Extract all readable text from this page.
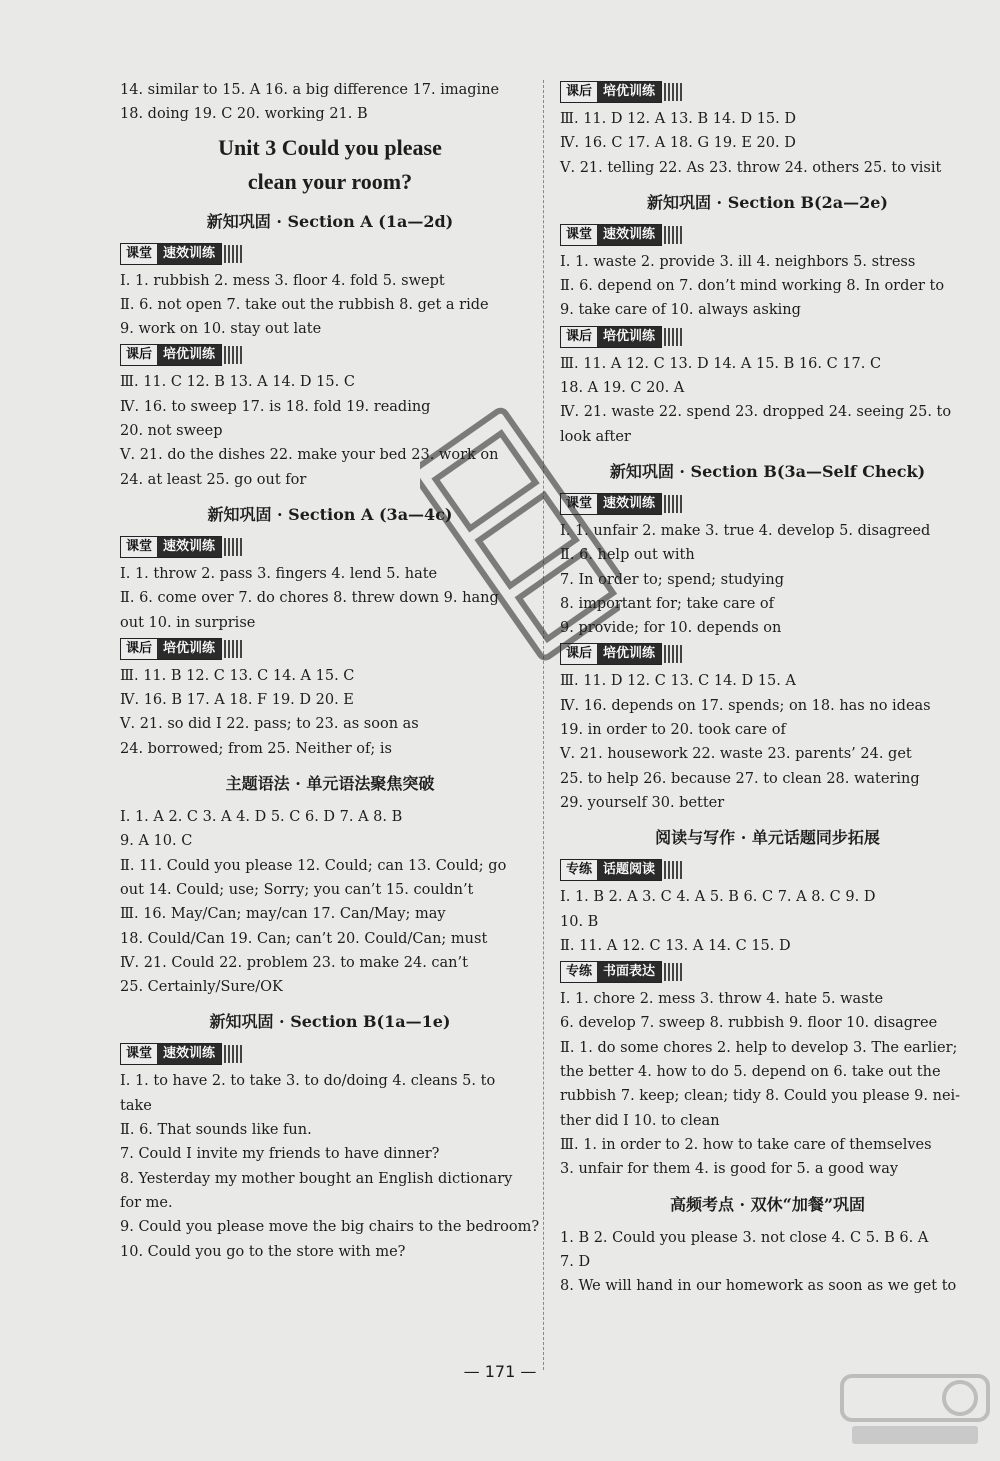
14. similar to 15. A 16. a big difference 17. imagine
18. doing 19. C 20. working 21. B
Unit 3 Could you please
clean your room?
新知巩固 · Section A (1a—2d)
课堂 速效训练
Ⅰ. 1. rubbish 2. mess 3. floor 4. fold 5. swept
Ⅱ. 6. not open 7. take out the rubbish 8. get a ride
9. work on 10. stay out late
课后 培优训练
Ⅲ. 11. C 12. B 13. A 14. D 15. C
Ⅳ. 16. to sweep 17. is 18. fold 19. reading
20. not sweep
Ⅴ. 21. do the dishes 22. make your bed 23. work on
24. at least 25. go out for
新知巩固 · Section A (3a—4c)
课堂 速效训练
Ⅰ. 1. throw 2. pass 3. fingers 4. lend 5. hate
Ⅱ. 6. come over 7. do chores 8. threw down 9. hang
out 10. in surprise
课后 培优训练
Ⅲ. 11. B 12. C 13. C 14. A 15. C
Ⅳ. 16. B 17. A 18. F 19. D 20. E
Ⅴ. 21. so did I 22. pass; to 23. as soon as
24. borrowed; from 25. Neither of; is
主题语法 · 单元语法聚焦突破
Ⅰ. 1. A 2. C 3. A 4. D 5. C 6. D 7. A 8. B
9. A 10. C
Ⅱ. 11. Could you please 12. Could; can 13. Could; go
out 14. Could; use; Sorry; you can’t 15. couldn’t
Ⅲ. 16. May/Can; may/can 17. Can/May; may
18. Could/Can 19. Can; can’t 20. Could/Can; must
Ⅳ. 21. Could 22. problem 23. to make 24. can’t
25. Certainly/Sure/OK
新知巩固 · Section B(1a—1e)
课堂 速效训练
Ⅰ. 1. to have 2. to take 3. to do/doing 4. cleans 5. to
take
Ⅱ. 6. That sounds like fun.
7. Could I invite my friends to have dinner?
8. Yesterday my mother bought an English dictionary
for me.
9. Could you please move the big chairs to the bedroom?
10. Could you go to the store with me?
课后 培优训练
Ⅲ. 11. D 12. A 13. B 14. D 15. D
Ⅳ. 16. C 17. A 18. G 19. E 20. D
Ⅴ. 21. telling 22. As 23. throw 24. others 25. to visit
新知巩固 · Section B(2a—2e)
课堂 速效训练
Ⅰ. 1. waste 2. provide 3. ill 4. neighbors 5. stress
Ⅱ. 6. depend on 7. don’t mind working 8. In order to
9. take care of 10. always asking
课后 培优训练
Ⅲ. 11. A 12. C 13. D 14. A 15. B 16. C 17. C
18. A 19. C 20. A
Ⅳ. 21. waste 22. spend 23. dropped 24. seeing 25. to
look after
新知巩固 · Section B(3a—Self Check)
课堂 速效训练
Ⅰ. 1. unfair 2. make 3. true 4. develop 5. disagreed
Ⅱ. 6. help out with
7. In order to; spend; studying
8. important for; take care of
9. provide; for 10. depends on
课后 培优训练
Ⅲ. 11. D 12. C 13. C 14. D 15. A
Ⅳ. 16. depends on 17. spends; on 18. has no ideas
19. in order to 20. took care of
Ⅴ. 21. housework 22. waste 23. parents’ 24. get
25. to help 26. because 27. to clean 28. watering
29. yourself 30. better
阅读与写作 · 单元话题同步拓展
专练 话题阅读
Ⅰ. 1. B 2. A 3. C 4. A 5. B 6. C 7. A 8. C 9. D
10. B
Ⅱ. 11. A 12. C 13. A 14. C 15. D
专练 书面表达
Ⅰ. 1. chore 2. mess 3. throw 4. hate 5. waste
6. develop 7. sweep 8. rubbish 9. floor 10. disagree
Ⅱ. 1. do some chores 2. help to develop 3. The earlier;
the better 4. how to do 5. depend on 6. take out the
rubbish 7. keep; clean; tidy 8. Could you please 9. nei-
ther did I 10. to clean
Ⅲ. 1. in order to 2. how to take care of themselves
3. unfair for them 4. is good for 5. a good way
高频考点 · 双休“加餐”巩固
1. B 2. Could you please 3. not close 4. C 5. B 6. A
7. D
8. We will hand in our homework as soon as we get to
— 171 —
